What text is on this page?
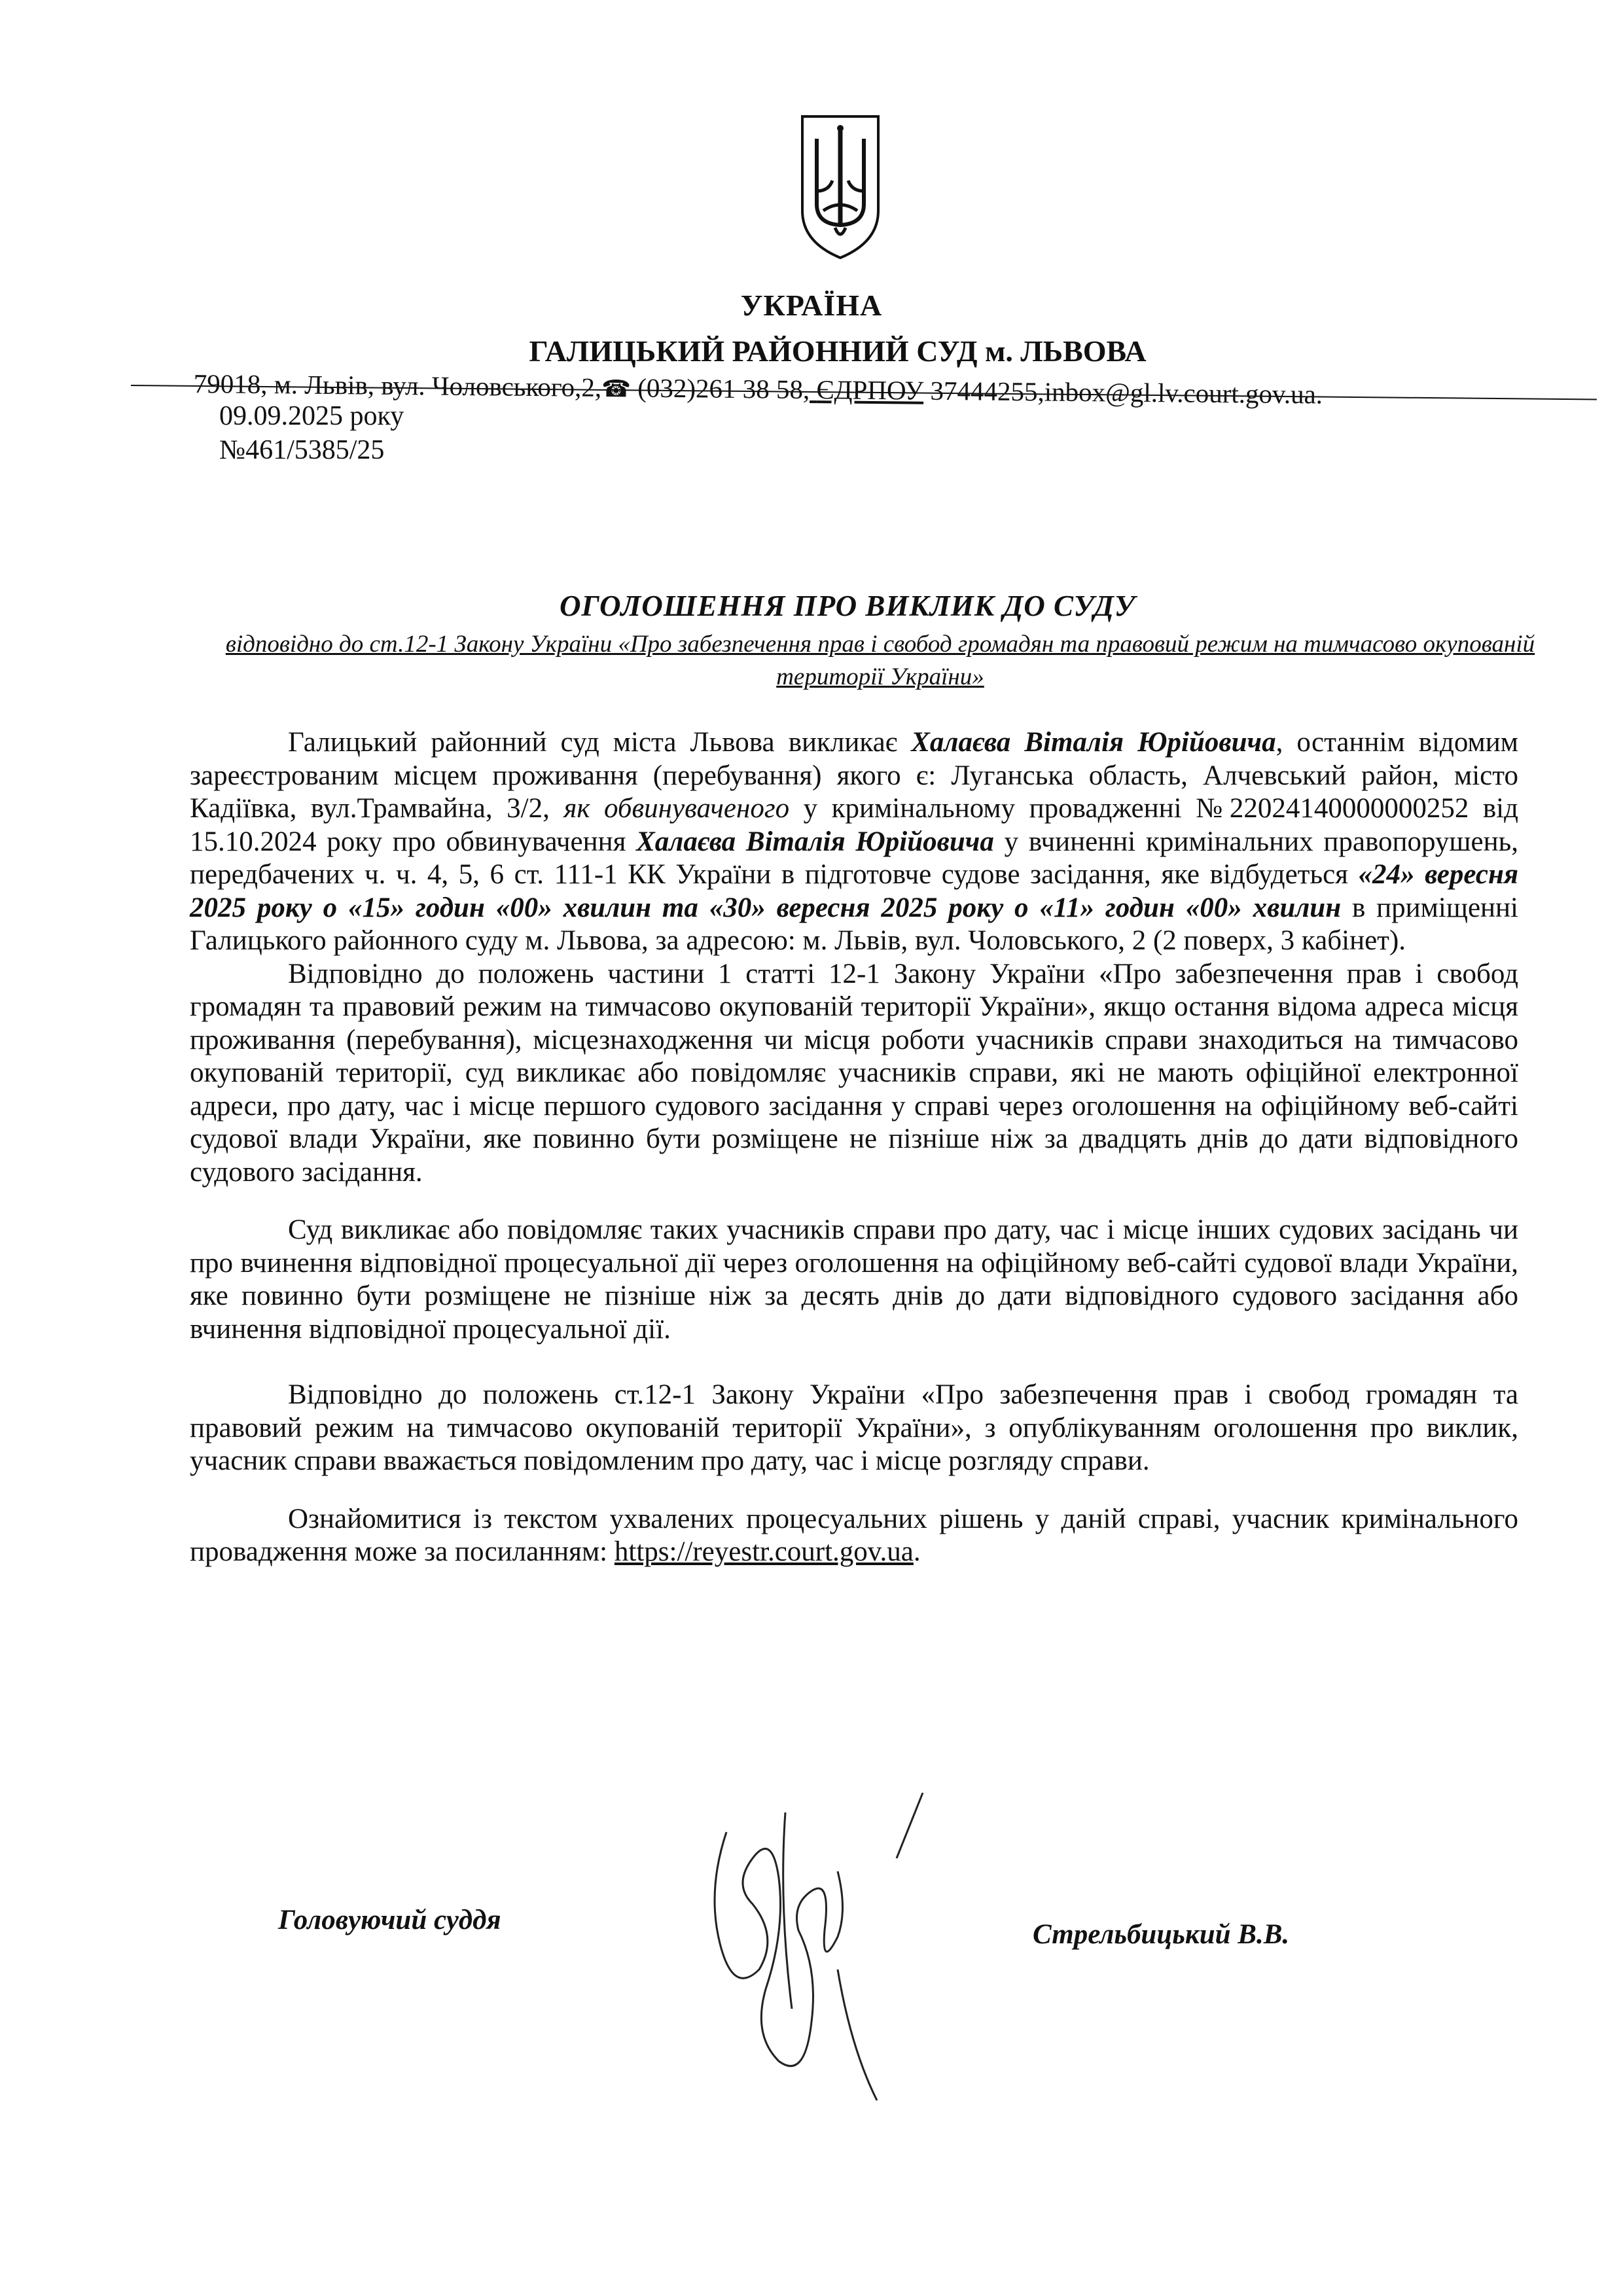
УКРАЇНА
ГАЛИЦЬКИЙ РАЙОННИЙ СУД м. ЛЬВОВА
79018, м. Львів, вул. Чоловського,2,☎ (032)261 38 58, ЄДРПОУ 37444255,inbox@gl.lv.court.gov.ua.
09.09.2025 року
№461/5385/25
ОГОЛОШЕННЯ ПРО ВИКЛИК ДО СУДУ
відповідно до ст.12-1 Закону України «Про забезпечення прав і свобод громадян та правовий режим на тимчасово окупованій території України»

Галицький районний суд міста Львова викликає Халаєва Віталія Юрійовича, останнім відомим зареєстрованим місцем проживання (перебування) якого є: Луганська область, Алчевський район, місто Кадіївка, вул.Трамвайна, 3/2, як обвинуваченого у кримінальному провадженні №22024140000000252 від 15.10.2024 року про обвинувачення Халаєва Віталія Юрійовича у вчиненні кримінальних правопорушень, передбачених ч. ч. 4, 5, 6 ст. 111-1 КК України в підготовче судове засідання, яке відбудеться «24» вересня 2025 року о «15» годин «00» хвилин та «30» вересня 2025 року о «11» годин «00» хвилин в приміщенні Галицького районного суду м. Львова, за адресою: м. Львів, вул. Чоловського, 2 (2 поверх, 3 кабінет).

Відповідно до положень частини 1 статті 12-1 Закону України «Про забезпечення прав і свобод громадян та правовий режим на тимчасово окупованій території України», якщо остання відома адреса місця проживання (перебування), місцезнаходження чи місця роботи учасників справи знаходиться на тимчасово окупованій території, суд викликає або повідомляє учасників справи, які не мають офіційної електронної адреси, про дату, час і місце першого судового засідання у справі через оголошення на офіційному веб-сайті судової влади України, яке повинно бути розміщене не пізніше ніж за двадцять днів до дати відповідного судового засідання.

Суд викликає або повідомляє таких учасників справи про дату, час і місце інших судових засідань чи про вчинення відповідної процесуальної дії через оголошення на офіційному веб-сайті судової влади України, яке повинно бути розміщене не пізніше ніж за десять днів до дати відповідного судового засідання або вчинення відповідної процесуальної дії.

Відповідно до положень ст.12-1 Закону України «Про забезпечення прав і свобод громадян та правовий режим на тимчасово окупованій території України», з опублікуванням оголошення про виклик, учасник справи вважається повідомленим про дату, час і місце розгляду справи.

Ознайомитися із текстом ухвалених процесуальних рішень у даній справі, учасник кримінального провадження може за посиланням: https://reyestr.court.gov.ua.

Головуючий суддя	Стрельбицький В.В.
